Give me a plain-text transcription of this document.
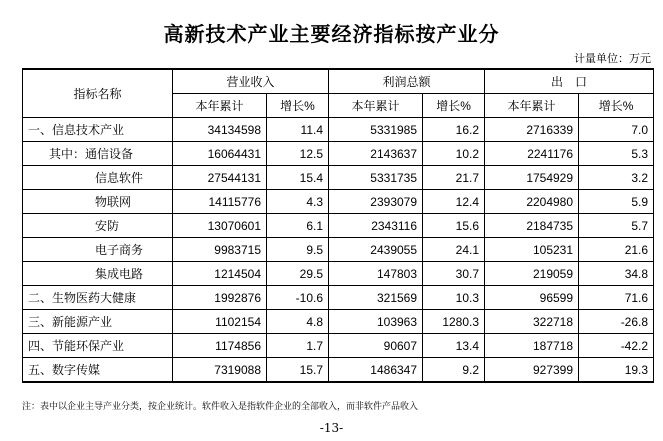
高新技术产业主要经济指标按产业分
计量单位：万元
指标名称	营业收入		利润总额		出　口	
	本年累计	增长%	本年累计	增长%	本年累计	增长%
一、信息技术产业	34134598	11.4	5331985	16.2	2716339	7.0
其中：通信设备	16064431	12.5	2143637	10.2	2241176	5.3
信息软件	27544131	15.4	5331735	21.7	1754929	3.2
物联网	14115776	4.3	2393079	12.4	2204980	5.9
安防	13070601	6.1	2343116	15.6	2184735	5.7
电子商务	9983715	9.5	2439055	24.1	105231	21.6
集成电路	1214504	29.5	147803	30.7	219059	34.8
二、生物医药大健康	1992876	-10.6	321569	10.3	96599	71.6
三、新能源产业	1102154	4.8	103963	1280.3	322718	-26.8
四、节能环保产业	1174856	1.7	90607	13.4	187718	-42.2
五、数字传媒	7319088	15.7	1486347	9.2	927399	19.3
注：表中以企业主导产业分类，按企业统计。软件收入是指软件企业的全部收入，而非软件产品收入
-13-
